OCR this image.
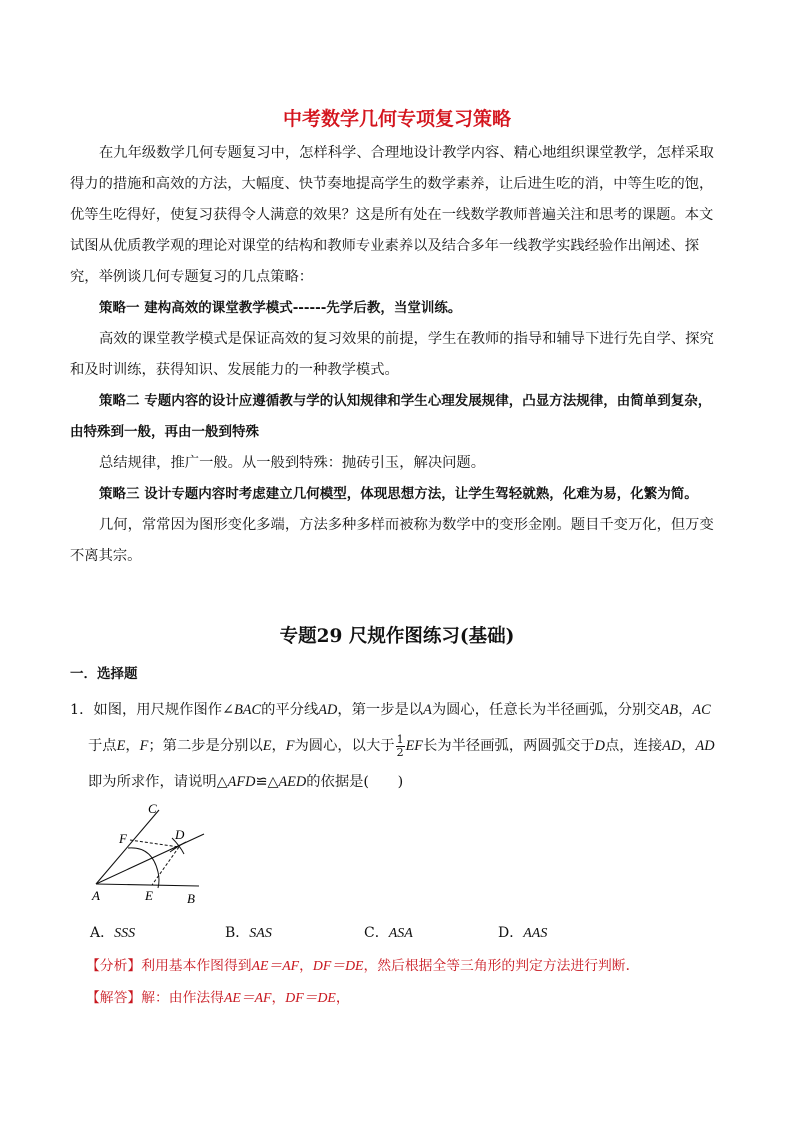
中考数学几何专项复习策略

在九年级数学几何专题复习中，怎样科学、合理地设计教学内容、精心地组织课堂教学，怎样采取得力的措施和高效的方法，大幅度、快节奏地提高学生的数学素养，让后进生吃的消，中等生吃的饱，优等生吃得好，使复习获得令人满意的效果？这是所有处在一线数学教师普遍关注和思考的课题。本文试图从优质教学观的理论对课堂的结构和教师专业素养以及结合多年一线教学实践经验作出阐述、探究，举例谈几何专题复习的几点策略：

策略一 建构高效的课堂教学模式------先学后教，当堂训练。

高效的课堂教学模式是保证高效的复习效果的前提，学生在教师的指导和辅导下进行先自学、探究和及时训练，获得知识、发展能力的一种教学模式。

策略二 专题内容的设计应遵循教与学的认知规律和学生心理发展规律，凸显方法规律，由简单到复杂，由特殊到一般，再由一般到特殊

总结规律，推广一般。从一般到特殊：抛砖引玉，解决问题。

策略三 设计专题内容时考虑建立几何模型，体现思想方法，让学生驾轻就熟，化难为易，化繁为简。

几何，常常因为图形变化多端，方法多种多样而被称为数学中的变形金刚。题目千变万化，但万变不离其宗。

专题29 尺规作图练习(基础)
一．选择题
1．如图，用尺规作图作∠BAC的平分线AD，第一步是以A为圆心，任意长为半径画弧，分别交AB，AC
于点E，F；第二步是分别以E，F为圆心，以大于 $\frac{1}{2}$ EF长为半径画弧，两圆弧交于D点，连接AD，AD
即为所求作，请说明△AFD≌△AED的依据是(　　)
C
F	D
A	E	B
A．SSS	B．SAS	C．ASA	D．AAS
【分析】利用基本作图得到AE＝AF，DF＝DE，然后根据全等三角形的判定方法进行判断．
【解答】解：由作法得AE＝AF，DF＝DE，
